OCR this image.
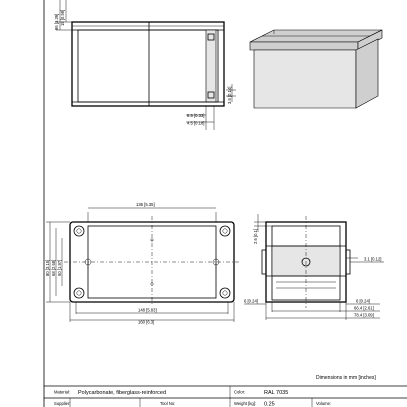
86 [3.39] 15 [0.59]
3.5 [0.14]
8.5 [0.33]
4.5 [0.18]
136 [5.35]
80 [3.15] 68 [2.68] 50 [1.97]
148 [5.83]
160 [6.3]
2.6 [0.1]
3.1 [0.12]
6 [0.24]	6 [0.24]
66.4 [2.61]
78.4 [3.09]
Dimensions in mm [inches]
Material: Polycarbonate, fiberglass-reinforced	Color:	RAL 7035
Supplier:	Tool No:	Weight [kg]: 0.25	Volume:
